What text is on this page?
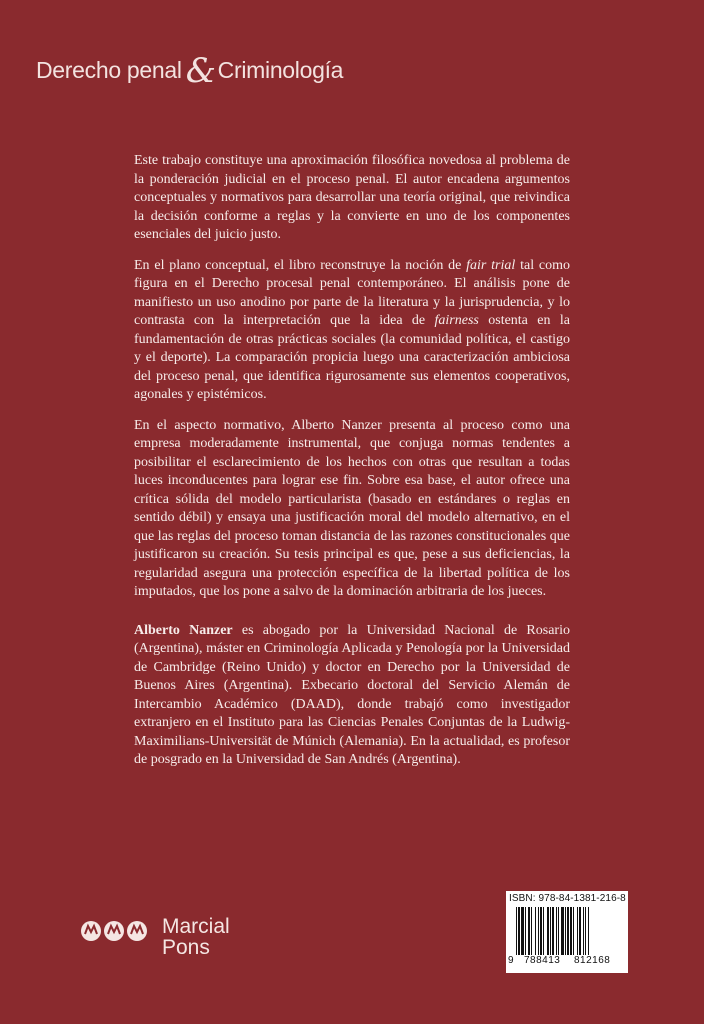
Derecho penal &Criminología

Este trabajo constituye una aproximación filosófica novedosa al problema de la ponderación judicial en el proceso penal. El autor encadena argumentos conceptuales y normativos para desarrollar una teoría original, que reivindica la decisión conforme a reglas y la convierte en uno de los componentes esenciales del juicio justo.

En el plano conceptual, el libro reconstruye la noción de fair trial tal como figura en el Derecho procesal penal contemporáneo. El análisis pone de manifiesto un uso anodino por parte de la literatura y la jurisprudencia, y lo contrasta con la interpretación que la idea de fairness ostenta en la fundamentación de otras prácticas sociales (la comunidad política, el castigo y el deporte). La comparación propicia luego una caracterización ambiciosa del proceso penal, que identifica rigurosamente sus elementos cooperativos, agonales y epistémicos.

En el aspecto normativo, Alberto Nanzer presenta al proceso como una empresa moderadamente instrumental, que conjuga normas tendentes a posibilitar el esclarecimiento de los hechos con otras que resultan a todas luces inconducentes para lograr ese fin. Sobre esa base, el autor ofrece una crítica sólida del modelo particularista (basado en estándares o reglas en sentido débil) y ensaya una justificación moral del modelo alternativo, en el que las reglas del proceso toman distancia de las razones constitucionales que justificaron su creación. Su tesis principal es que, pese a sus deficiencias, la regularidad asegura una protección específica de la libertad política de los imputados, que los pone a salvo de la dominación arbitraria de los jueces.

Alberto Nanzer es abogado por la Universidad Nacional de Rosario (Argentina), máster en Criminología Aplicada y Penología por la Universidad de Cambridge (Reino Unido) y doctor en Derecho por la Universidad de Buenos Aires (Argentina). Exbecario doctoral del Servicio Alemán de Intercambio Académico (DAAD), donde trabajó como investigador extranjero en el Instituto para las Ciencias Penales Conjuntas de la Ludwig-Maximilians-Universität de Múnich (Alemania). En la actualidad, es profesor de posgrado en la Universidad de San Andrés (Argentina).

Marcial
Pons
ISBN: 978-84-1381-216-8
9 788413 812168
